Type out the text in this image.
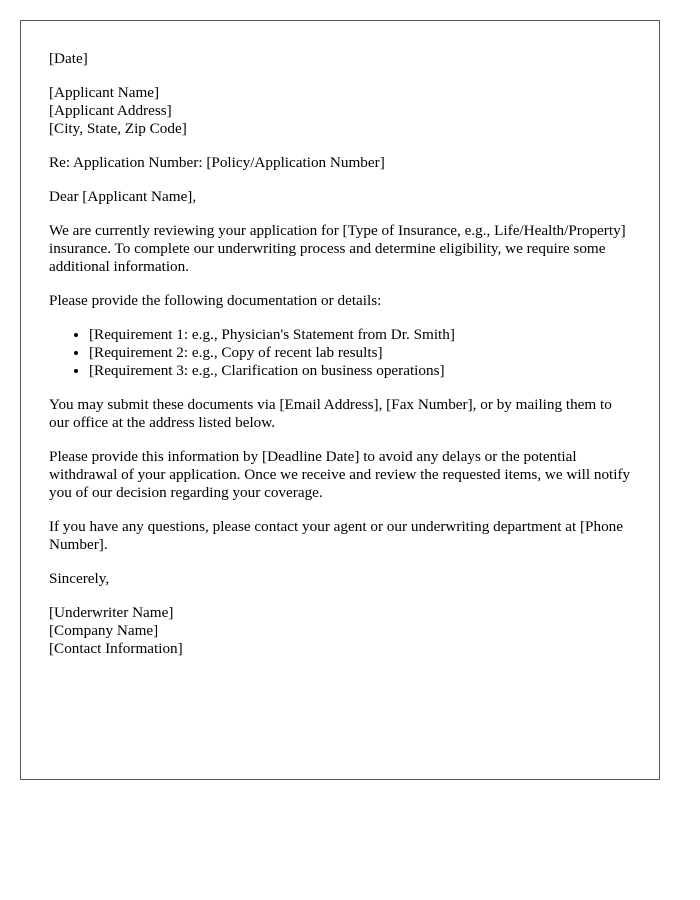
[Date]

[Applicant Name]
[Applicant Address]
[City, State, Zip Code]

Re: Application Number: [Policy/Application Number]

Dear [Applicant Name],

We are currently reviewing your application for [Type of Insurance, e.g., Life/Health/Property] insurance. To complete our underwriting process and determine eligibility, we require some additional information.

Please provide the following documentation or details:

• [Requirement 1: e.g., Physician's Statement from Dr. Smith]
• [Requirement 2: e.g., Copy of recent lab results]
• [Requirement 3: e.g., Clarification on business operations]

You may submit these documents via [Email Address], [Fax Number], or by mailing them to our office at the address listed below.

Please provide this information by [Deadline Date] to avoid any delays or the potential withdrawal of your application. Once we receive and review the requested items, we will notify you of our decision regarding your coverage.

If you have any questions, please contact your agent or our underwriting department at [Phone Number].

Sincerely,

[Underwriter Name]
[Company Name]
[Contact Information]
